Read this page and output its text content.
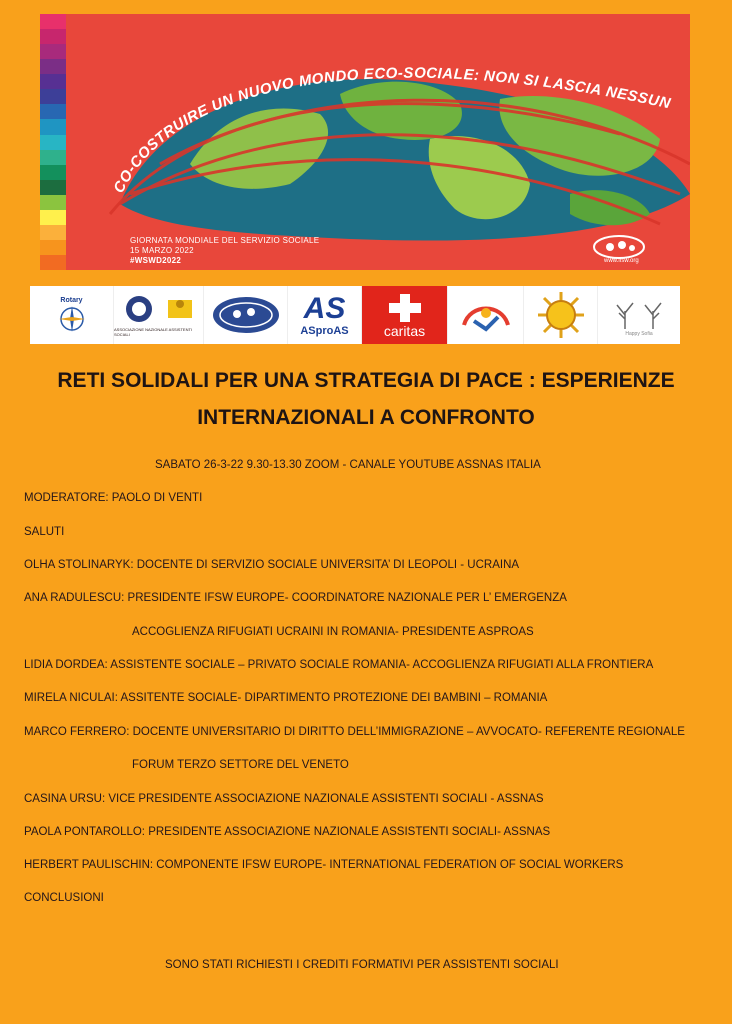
CO-COSTRUIRE UN NUOVO MONDO ECO-SOCIALE: NON SI LASCIA NESSUNO INDIETRO
GIORNATA MONDIALE DEL SERVIZIO SOCIALE
15 MARZO 2022
#WSWD2022	www.ifsw.org
Rotary
ASSOCIAZIONE NAZIONALE ASSISTENTI SOCIALI
AS
ASproAS	caritas	Happy Sofia
RETI SOLIDALI PER UNA STRATEGIA DI PACE : ESPERIENZE
INTERNAZIONALI A CONFRONTO
SABATO 26-3-22 9.30-13.30 ZOOM - CANALE YOUTUBE ASSNAS ITALIA
MODERATORE: PAOLO DI VENTI
SALUTI
OLHA STOLINARYK: DOCENTE DI SERVIZIO SOCIALE UNIVERSITA’ DI LEOPOLI - UCRAINA
ANA RADULESCU: PRESIDENTE IFSW EUROPE- COORDINATORE NAZIONALE PER L’ EMERGENZA
ACCOGLIENZA RIFUGIATI UCRAINI IN ROMANIA- PRESIDENTE ASPROAS
LIDIA DORDEA: ASSISTENTE SOCIALE – PRIVATO SOCIALE ROMANIA- ACCOGLIENZA RIFUGIATI ALLA FRONTIERA
MIRELA NICULAI: ASSITENTE SOCIALE- DIPARTIMENTO PROTEZIONE DEI BAMBINI – ROMANIA
MARCO FERRERO: DOCENTE UNIVERSITARIO DI DIRITTO DELL’IMMIGRAZIONE – AVVOCATO- REFERENTE REGIONALE
FORUM TERZO SETTORE DEL VENETO
CASINA URSU: VICE PRESIDENTE ASSOCIAZIONE NAZIONALE ASSISTENTI SOCIALI - ASSNAS
PAOLA PONTAROLLO: PRESIDENTE ASSOCIAZIONE NAZIONALE ASSISTENTI SOCIALI- ASSNAS
HERBERT PAULISCHIN: COMPONENTE IFSW EUROPE- INTERNATIONAL FEDERATION OF SOCIAL WORKERS
CONCLUSIONI
SONO STATI RICHIESTI I CREDITI FORMATIVI PER ASSISTENTI SOCIALI
